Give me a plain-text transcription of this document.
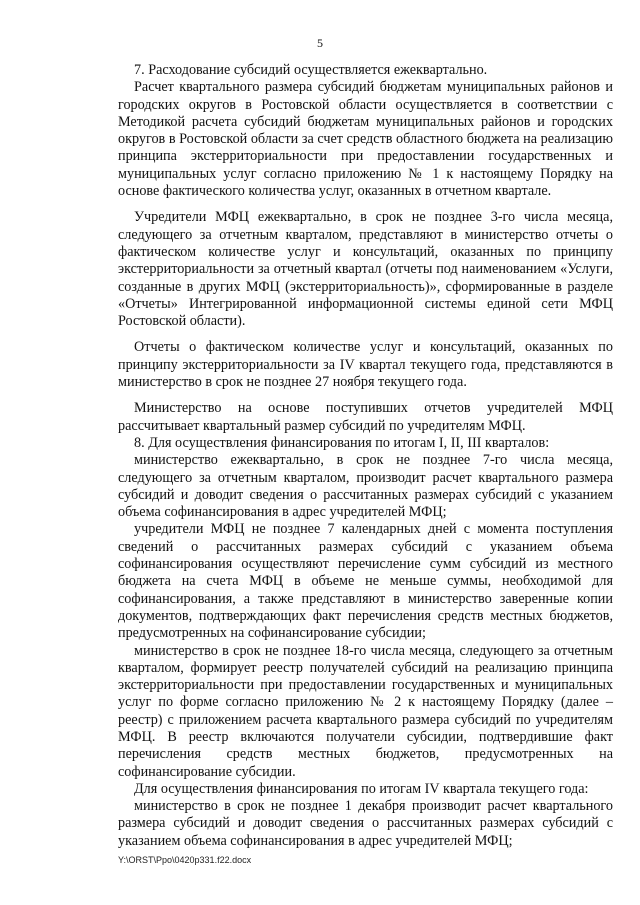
5

7. Расходование субсидий осуществляется ежеквартально.

Расчет квартального размера субсидий бюджетам муниципальных районов и городских округов в Ростовской области осуществляется в соответствии с Методикой расчета субсидий бюджетам муниципальных районов и городских округов в Ростовской области за счет средств областного бюджета на реализацию принципа экстерриториальности при предоставлении государственных и муниципальных услуг согласно приложению № 1 к настоящему Порядку на основе фактического количества услуг, оказанных в отчетном квартале.

Учредители МФЦ ежеквартально, в срок не позднее 3-го числа месяца, следующего за отчетным кварталом, представляют в министерство отчеты о фактическом количестве услуг и консультаций, оказанных по принципу экстерриториальности за отчетный квартал (отчеты под наименованием «Услуги, созданные в других МФЦ (экстерриториальность)», сформированные в разделе «Отчеты» Интегрированной информационной системы единой сети МФЦ Ростовской области).

Отчеты о фактическом количестве услуг и консультаций, оказанных по принципу экстерриториальности за IV квартал текущего года, представляются в министерство в срок не позднее 27 ноября текущего года.

Министерство на основе поступивших отчетов учредителей МФЦ рассчитывает квартальный размер субсидий по учредителям МФЦ.

8. Для осуществления финансирования по итогам I, II, III кварталов:

министерство ежеквартально, в срок не позднее 7-го числа месяца, следующего за отчетным кварталом, производит расчет квартального размера субсидий и доводит сведения о рассчитанных размерах субсидий с указанием объема софинансирования в адрес учредителей МФЦ;

учредители МФЦ не позднее 7 календарных дней с момента поступления сведений о рассчитанных размерах субсидий с указанием объема софинансирования осуществляют перечисление сумм субсидий из местного бюджета на счета МФЦ в объеме не меньше суммы, необходимой для софинансирования, а также представляют в министерство заверенные копии документов, подтверждающих факт перечисления средств местных бюджетов, предусмотренных на софинансирование субсидии;

министерство в срок не позднее 18-го числа месяца, следующего за отчетным кварталом, формирует реестр получателей субсидий на реализацию принципа экстерриториальности при предоставлении государственных и муниципальных услуг по форме согласно приложению № 2 к настоящему Порядку (далее – реестр) с приложением расчета квартального размера субсидий по учредителям МФЦ. В реестр включаются получатели субсидии, подтвердившие факт перечисления средств местных бюджетов, предусмотренных на софинансирование субсидии.

Для осуществления финансирования по итогам IV квартала текущего года:

министерство в срок не позднее 1 декабря производит расчет квартального размера субсидий и доводит сведения о рассчитанных размерах субсидий с указанием объема софинансирования в адрес учредителей МФЦ;

Y:\ORST\Ppo\0420p331.f22.docx
